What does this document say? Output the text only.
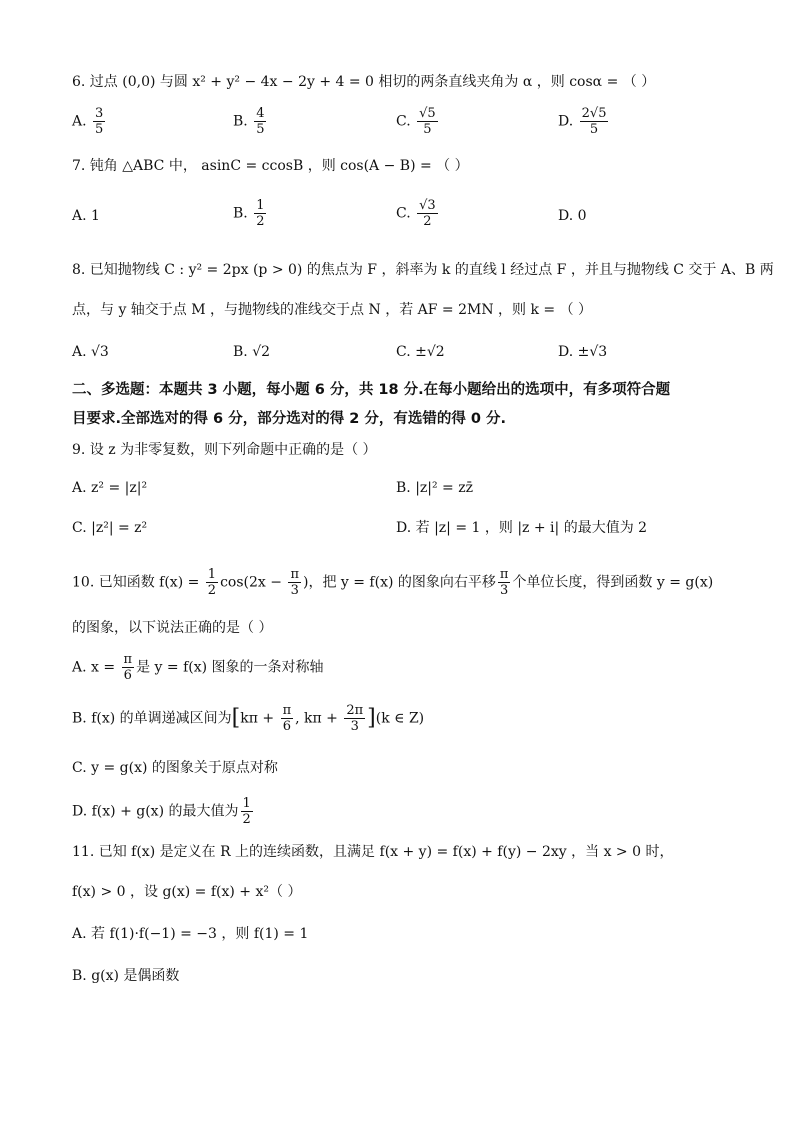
6. 过点 (0,0) 与圆 x² + y² − 4x − 2y + 4 = 0 相切的两条直线夹角为 α ，则 cosα = （ ）
A. $\frac{3}{5}$	B. $\frac{4}{5}$	C. $\frac{√5}{5}$	D. $\frac{2√5}{5}$
7. 钝角 △ABC 中， asinC = ccosB ，则 cos(A − B) = （ ）
A. 1	B. $\frac{1}{2}$	C. $\frac{√3}{2}$	D. 0
8. 已知抛物线 C : y² = 2px (p > 0) 的焦点为 F ，斜率为 k 的直线 l 经过点 F ，并且与抛物线 C 交于 A、B 两
点，与 y 轴交于点 M ，与抛物线的准线交于点 N ，若 AF = 2MN ，则 k = （ ）
A. √3	B. √2	C. ±√2	D. ±√3
二、多选题：本题共 3 小题，每小题 6 分，共 18 分.在每小题给出的选项中，有多项符合题
目要求.全部选对的得 6 分，部分选对的得 2 分，有选错的得 0 分.
9. 设 z 为非零复数，则下列命题中正确的是（ ）
A. z² = |z|²	B. |z|² = zz̄
C. |z²| = z²	D. 若 |z| = 1 ，则 |z + i| 的最大值为 2
10. 已知函数 $f(x) = \frac{1}{2} \cos(2x - \frac{\pi}{3}$ )，把 y = f(x) 的图象向右平移 $\frac{\pi}{3}$ 个单位长度，得到函数 y = g(x)
的图象，以下说法正确的是（ ）
A. $x = \frac{\pi}{6}$ 是 y = f(x) 图象的一条对称轴
B. f(x) 的单调递减区间为[$k\pi + \frac{\pi}{6}$ , $k\pi + \frac{2\pi}{3} ](k$ ∈ Z)
C. y = g(x) 的图象关于原点对称
D. f(x) + g(x) 的最大值为 $\frac{1}{2}$
11. 已知 f(x) 是定义在 R 上的连续函数，且满足 f(x + y) = f(x) + f(y) − 2xy ，当 x > 0 时，
f(x) > 0 ，设 g(x) = f(x) + x²（ ）
A. 若 f(1)·f(−1) = −3 ，则 f(1) = 1
B. g(x) 是偶函数
